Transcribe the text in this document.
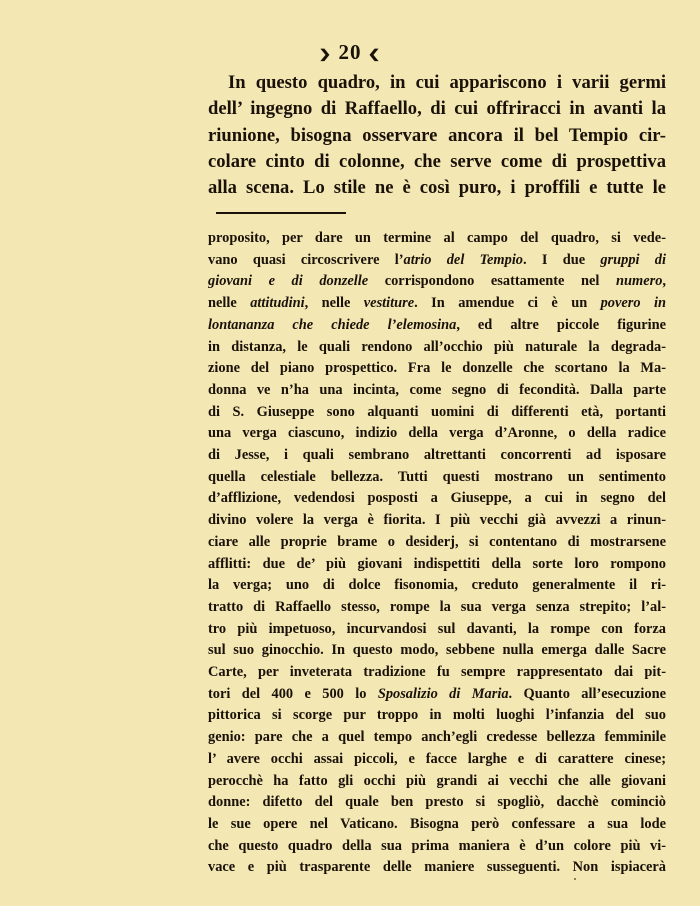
❯ 20 ❮
In questo quadro, in cui appariscono i varii germi
dell’ ingegno di Raffaello, di cui offriracci in avanti la
riunione, bisogna osservare ancora il bel Tempio cir-
colare cinto di colonne, che serve come di prospettiva
alla scena. Lo stile ne è così puro, i proffili e tutte le
proposito, per dare un termine al campo del quadro, si vede-
vano quasi circoscrivere l’atrio del Tempio. I due gruppi di
giovani e di donzelle corrispondono esattamente nel numero,
nelle attitudini, nelle vestiture. In amendue ci è un povero in
lontananza che chiede l’elemosina, ed altre piccole figurine
in distanza, le quali rendono all’occhio più naturale la degrada-
zione del piano prospettico. Fra le donzelle che scortano la Ma-
donna ve n’ha una incinta, come segno di fecondità. Dalla parte
di S. Giuseppe sono alquanti uomini di differenti età, portanti
una verga ciascuno, indizio della verga d’Aronne, o della radice
di Jesse, i quali sembrano altrettanti concorrenti ad isposare
quella celestiale bellezza. Tutti questi mostrano un sentimento
d’afflizione, vedendosi posposti a Giuseppe, a cui in segno del
divino volere la verga è fiorita. I più vecchi già avvezzi a rinun-
ciare alle proprie brame o desiderj, si contentano di mostrarsene
afflitti: due de’ più giovani indispettiti della sorte loro rompono
la verga; uno di dolce fisonomia, creduto generalmente il ri-
tratto di Raffaello stesso, rompe la sua verga senza strepito; l’al-
tro più impetuoso, incurvandosi sul davanti, la rompe con forza
sul suo ginocchio. In questo modo, sebbene nulla emerga dalle Sacre
Carte, per inveterata tradizione fu sempre rappresentato dai pit-
tori del 400 e 500 lo Sposalizio di Maria. Quanto all’esecuzione
pittorica si scorge pur troppo in molti luoghi l’infanzia del suo
genio: pare che a quel tempo anch’egli credesse bellezza femminile
l’ avere occhi assai piccoli, e facce larghe e di carattere cinese;
perocchè ha fatto gli occhi più grandi ai vecchi che alle giovani
donne: difetto del quale ben presto si spogliò, dacchè cominciò
le sue opere nel Vaticano. Bisogna però confessare a sua lode
che questo quadro della sua prima maniera è d’un colore più vi-
vace e più trasparente delle maniere susseguenti. Non ispiacerà
